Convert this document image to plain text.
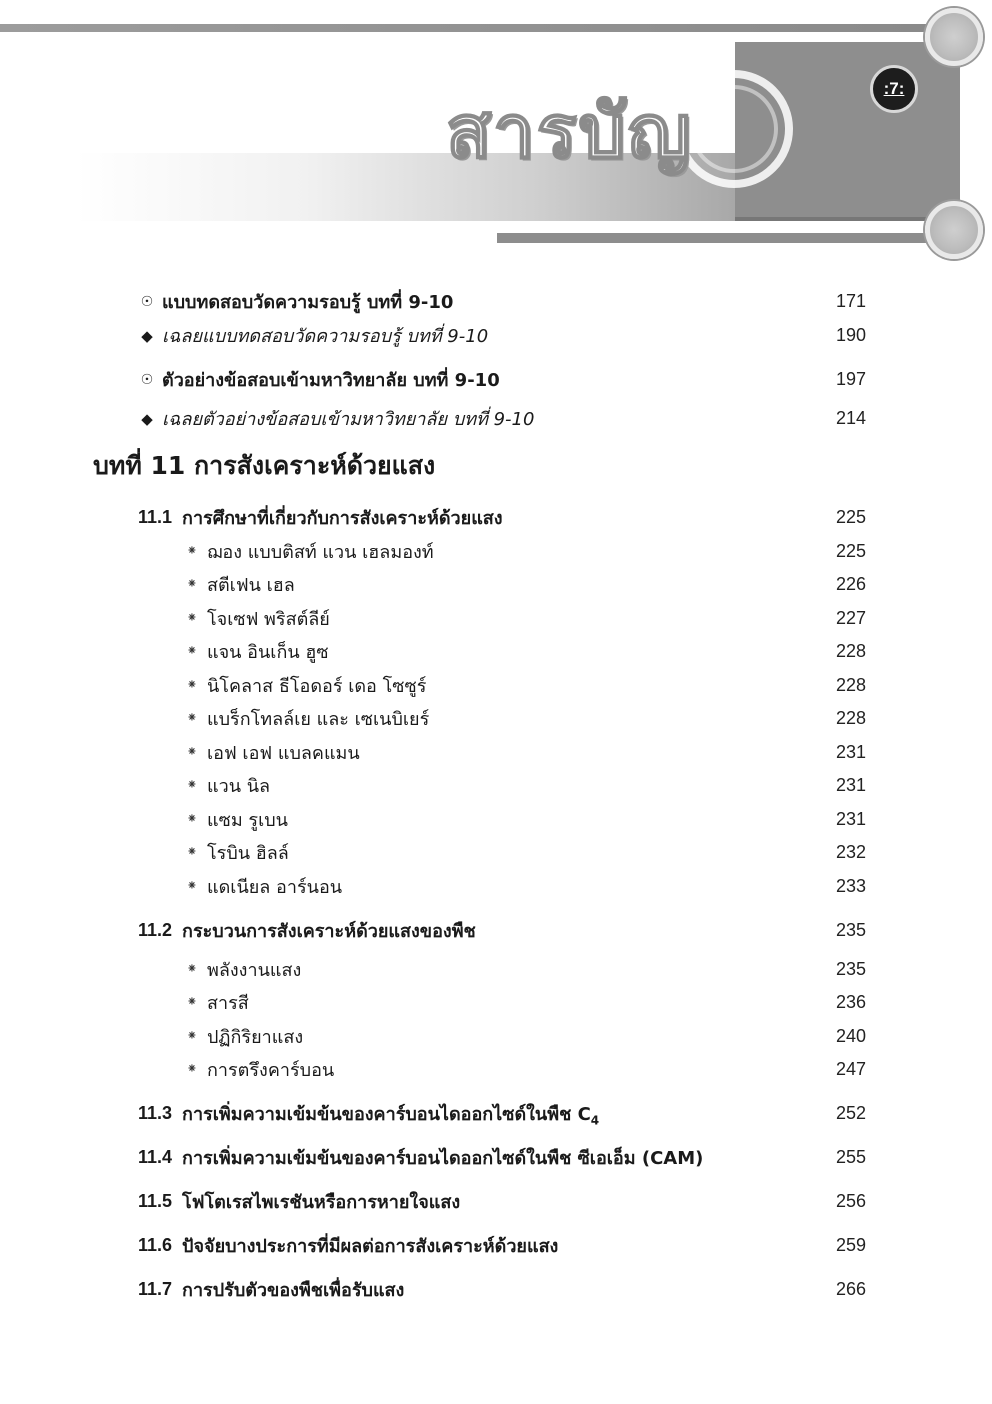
สารบัญ
:7:
☉ แบบทดสอบวัดความรอบรู้ บทที่ 9-10	171
◆ เฉลยแบบทดสอบวัดความรอบรู้ บทที่ 9-10	190
☉ ตัวอย่างข้อสอบเข้ามหาวิทยาลัย บทที่ 9-10	197
◆ เฉลยตัวอย่างข้อสอบเข้ามหาวิทยาลัย บทที่ 9-10	214
บทที่ 11 การสังเคราะห์ด้วยแสง
11.1 การศึกษาที่เกี่ยวกับการสังเคราะห์ด้วยแสง	225
⁕ ฌอง แบบติสท์ แวน เฮลมองท์	225
⁕ สตีเฟน เฮล	226
⁕ โจเซฟ พริสต์ลีย์	227
⁕ แจน อินเก็น ฮูซ	228
⁕ นิโคลาส ธีโอดอร์ เดอ โซซูร์	228
⁕ แบร็กโทลล์เย และ เซเนบิเยร์	228
⁕ เอฟ เอฟ แบลคแมน	231
⁕ แวน นิล	231
⁕ แซม รูเบน	231
⁕ โรบิน ฮิลล์	232
⁕ แดเนียล อาร์นอน	233
11.2 กระบวนการสังเคราะห์ด้วยแสงของพืช	235
⁕ พลังงานแสง	235
⁕ สารสี	236
⁕ ปฏิกิริยาแสง	240
⁕ การตรึงคาร์บอน	247
11.3 การเพิ่มความเข้มข้นของคาร์บอนไดออกไซด์ในพืช $C_4$	252
11.4 การเพิ่มความเข้มข้นของคาร์บอนไดออกไซด์ในพืช ซีเอเอ็ม (CAM)	255
11.5 โฟโตเรสไพเรชันหรือการหายใจแสง	256
11.6 ปัจจัยบางประการที่มีผลต่อการสังเคราะห์ด้วยแสง	259
11.7 การปรับตัวของพืชเพื่อรับแสง	266
